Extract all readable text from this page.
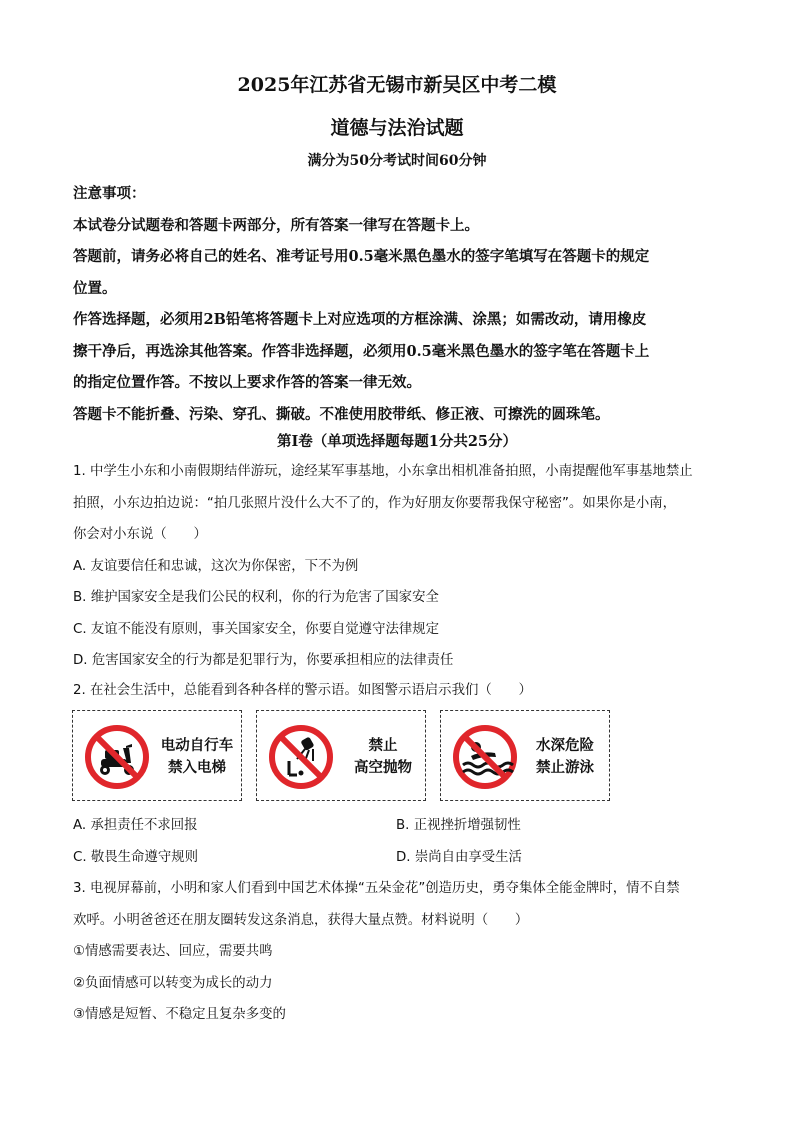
2025年江苏省无锡市新吴区中考二模
道德与法治试题
满分为50分考试时间60分钟
注意事项：
本试卷分试题卷和答题卡两部分，所有答案一律写在答题卡上。
答题前，请务必将自己的姓名、准考证号用0.5毫米黑色墨水的签字笔填写在答题卡的规定
位置。
作答选择题，必须用2B铅笔将答题卡上对应选项的方框涂满、涂黑；如需改动，请用橡皮
擦干净后，再选涂其他答案。作答非选择题，必须用0.5毫米黑色墨水的签字笔在答题卡上
的指定位置作答。不按以上要求作答的答案一律无效。
答题卡不能折叠、污染、穿孔、撕破。不准使用胶带纸、修正液、可擦洗的圆珠笔。
第Ⅰ卷（单项选择题每题1分共25分）
1. 中学生小东和小南假期结伴游玩，途经某军事基地，小东拿出相机准备拍照，小南提醒他军事基地禁止
拍照，小东边拍边说：“拍几张照片没什么大不了的，作为好朋友你要帮我保守秘密”。如果你是小南，
你会对小东说（　　）
A. 友谊要信任和忠诚，这次为你保密，下不为例
B. 维护国家安全是我们公民的权利，你的行为危害了国家安全
C. 友谊不能没有原则，事关国家安全，你要自觉遵守法律规定
D. 危害国家安全的行为都是犯罪行为，你要承担相应的法律责任
2. 在社会生活中，总能看到各种各样的警示语。如图警示语启示我们（　　）
电动自行车
禁入电梯
禁止
高空抛物
水深危险
禁止游泳
A. 承担责任不求回报	B. 正视挫折增强韧性
C. 敬畏生命遵守规则	D. 崇尚自由享受生活
3. 电视屏幕前，小明和家人们看到中国艺术体操“五朵金花”创造历史，勇夺集体全能金牌时，情不自禁
欢呼。小明爸爸还在朋友圈转发这条消息，获得大量点赞。材料说明（　　）
①情感需要表达、回应，需要共鸣
②负面情感可以转变为成长的动力
③情感是短暂、不稳定且复杂多变的
